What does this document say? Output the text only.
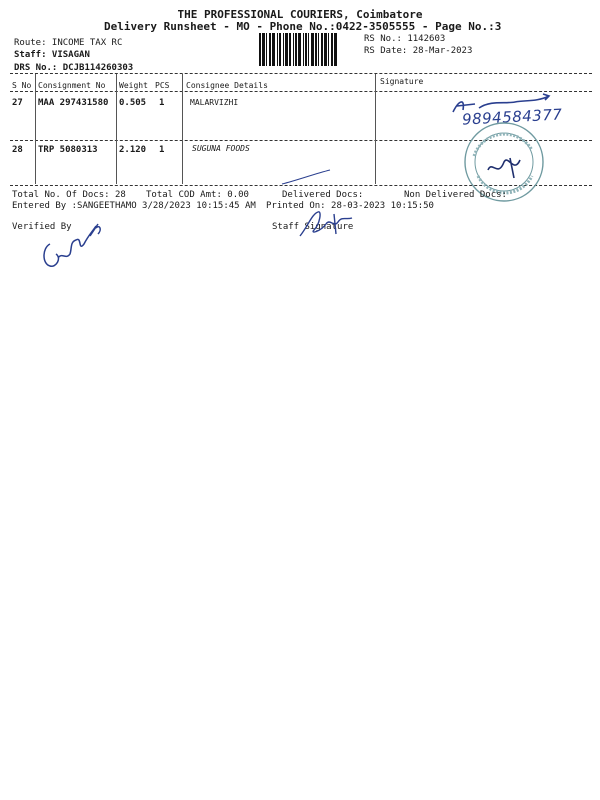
THE PROFESSIONAL COURIERS, Coimbatore
Delivery Runsheet - MO - Phone No.:0422-3505555 - Page No.:3
Route: INCOME TAX RC
Staff: VISAGAN
DRS No.: DCJB114260303
RS No.: 1142603
RS Date: 28-Mar-2023
S No Consignment No Weight PCS Consignee Details	Signature
27 MAA 297431580 0.505 1	MALARVIZHI
28 TRP 5080313 2.120 1	SUGUNA FOODS
9894584377
Total No. Of Docs: 28 Total COD Amt: 0.00	Delivered Docs:	Non Delivered Docs:
Entered By :SANGEETHAMO 3/28/2023 10:15:45 AM Printed On: 28-03-2023 10:15:50
Verified By	Staff Signature
